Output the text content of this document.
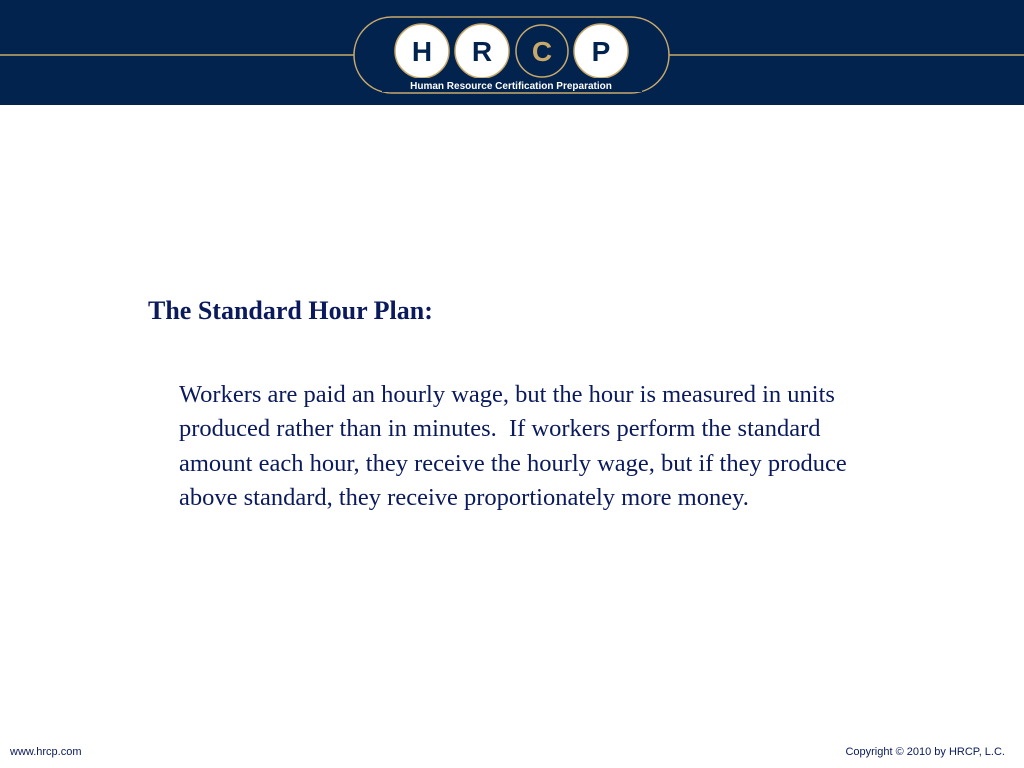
H R C P
Human Resource Certification Preparation
The Standard Hour Plan:

Workers are paid an hourly wage, but the hour is measured in units produced rather than in minutes.  If workers perform the standard amount each hour, they receive the hourly wage, but if they produce above standard, they receive proportionately more money.

www.hrcp.com	Copyright © 2010 by HRCP, L.C.
